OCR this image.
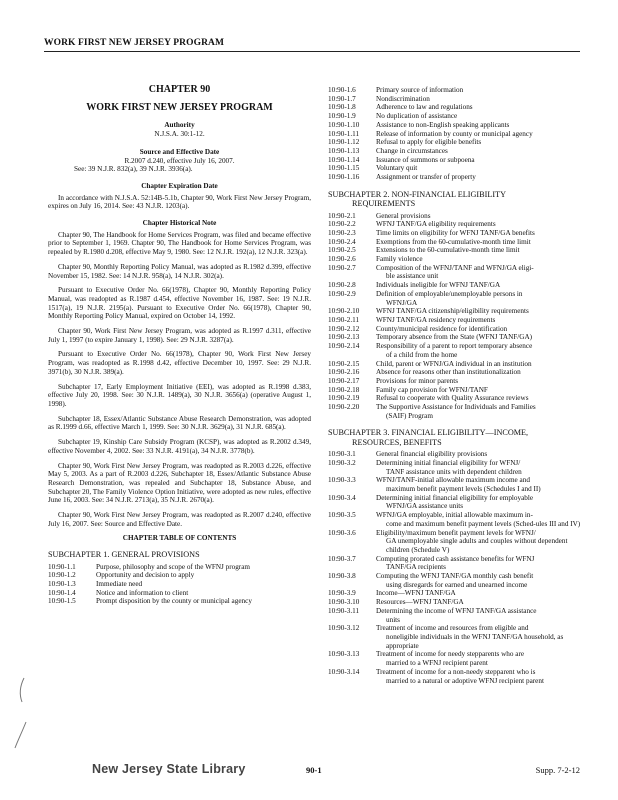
WORK FIRST NEW JERSEY PROGRAM
CHAPTER 90
WORK FIRST NEW JERSEY PROGRAM
Authority
N.J.S.A. 30:1-12.
Source and Effective Date
R.2007 d.240, effective July 16, 2007.
See: 39 N.J.R. 832(a), 39 N.J.R. 3936(a).
Chapter Expiration Date
In accordance with N.J.S.A. 52:14B-5.1b, Chapter 90, Work First New Jersey Program, expires on July 16, 2014. See: 43 N.J.R. 1203(a).
Chapter Historical Note

Chapter 90, The Handbook for Home Services Program, was filed and became effective prior to September 1, 1969. Chapter 90, The Handbook for Home Services Program, was repealed by R.1980 d.208, effective May 9, 1980. See: 12 N.J.R. 192(a), 12 N.J.R. 323(a).

Chapter 90, Monthly Reporting Policy Manual, was adopted as R.1982 d.399, effective November 15, 1982. See: 14 N.J.R. 958(a), 14 N.J.R. 302(a).

Pursuant to Executive Order No. 66(1978), Chapter 90, Monthly Reporting Policy Manual, was readopted as R.1987 d.454, effective November 16, 1987. See: 19 N.J.R. 1517(a), 19 N.J.R. 2195(a). Pursuant to Executive Order No. 66(1978), Chapter 90, Monthly Reporting Policy Manual, expired on October 14, 1992.

Chapter 90, Work First New Jersey Program, was adopted as R.1997 d.311, effective July 1, 1997 (to expire January 1, 1998). See: 29 N.J.R. 3287(a).

Pursuant to Executive Order No. 66(1978), Chapter 90, Work First New Jersey Program, was readopted as R.1998 d.42, effective December 10, 1997. See: 29 N.J.R. 3971(b), 30 N.J.R. 389(a).

Subchapter 17, Early Employment Initiative (EEI), was adopted as R.1998 d.383, effective July 20, 1998. See: 30 N.J.R. 1489(a), 30 N.J.R. 3656(a) (operative August 1, 1998).

Subchapter 18, Essex/Atlantic Substance Abuse Research Demonstration, was adopted as R.1999 d.66, effective March 1, 1999. See: 30 N.J.R. 3629(a), 31 N.J.R. 685(a).

Subchapter 19, Kinship Care Subsidy Program (KCSP), was adopted as R.2002 d.349, effective November 4, 2002. See: 33 N.J.R. 4191(a), 34 N.J.R. 3778(b).

Chapter 90, Work First New Jersey Program, was readopted as R.2003 d.226, effective May 5, 2003. As a part of R.2003 d.226, Subchapter 18, Essex/Atlantic Substance Abuse Research Demonstration, was repealed and Subchapter 18, Substance Abuse, and Subchapter 20, The Family Violence Option Initiative, were adopted as new rules, effective June 16, 2003. See: 34 N.J.R. 2713(a), 35 N.J.R. 2670(a).

Chapter 90, Work First New Jersey Program, was readopted as R.2007 d.240, effective July 16, 2007. See: Source and Effective Date.

CHAPTER TABLE OF CONTENTS
SUBCHAPTER 1. GENERAL PROVISIONS
10:90-1.1	Purpose, philosophy and scope of the WFNJ program
10:90-1.2	Opportunity and decision to apply
10:90-1.3	Immediate need
10:90-1.4	Notice and information to client
10:90-1.5	Prompt disposition by the county or municipal agency
10:90-1.6	Primary source of information
10:90-1.7	Nondiscrimination
10:90-1.8	Adherence to law and regulations
10:90-1.9	No duplication of assistance
10:90-1.10	Assistance to non-English speaking applicants
10:90-1.11	Release of information by county or municipal agency
10:90-1.12	Refusal to apply for eligible benefits
10:90-1.13	Change in circumstances
10:90-1.14	Issuance of summons or subpoena
10:90-1.15	Voluntary quit
10:90-1.16	Assignment or transfer of property
SUBCHAPTER 2. NON-FINANCIAL ELIGIBILITY
REQUIREMENTS
10:90-2.1	General provisions
10:90-2.2	WFNJ TANF/GA eligibility requirements
10:90-2.3	Time limits on eligibility for WFNJ TANF/GA benefits
10:90-2.4	Exemptions from the 60-cumulative-month time limit
10:90-2.5	Extensions to the 60-cumulative-month time limit
10:90-2.6	Family violence
10:90-2.7	Composition of the WFNJ/TANF and WFNJ/GA eligi-
ble assistance unit
10:90-2.8	Individuals ineligible for WFNJ TANF/GA
10:90-2.9	Definition of employable/unemployable persons in
WFNJ/GA
10:90-2.10	WFNJ TANF/GA citizenship/eligibility requirements
10:90-2.11	WFNJ TANF/GA residency requirements
10:90-2.12	County/municipal residence for identification
10:90-2.13	Temporary absence from the State (WFNJ TANF/GA)
10:90-2.14	Responsibility of a parent to report temporary absence
of a child from the home
10:90-2.15	Child, parent or WFNJ/GA individual in an institution
10:90-2.16	Absence for reasons other than institutionalization
10:90-2.17	Provisions for minor parents
10:90-2.18	Family cap provision for WFNJ/TANF
10:90-2.19	Refusal to cooperate with Quality Assurance reviews
10:90-2.20	The Supportive Assistance for Individuals and Families
(SAIF) Program
SUBCHAPTER 3. FINANCIAL ELIGIBILITY—INCOME,
RESOURCES, BENEFITS
10:90-3.1	General financial eligibility provisions
10:90-3.2	Determining initial financial eligibility for WFNJ/
TANF assistance units with dependent children
10:90-3.3	WFNJ/TANF-initial allowable maximum income and
maximum benefit payment levels (Schedules I and II)
10:90-3.4	Determining initial financial eligibility for employable
WFNJ/GA assistance units
10:90-3.5	WFNJ/GA employable, initial allowable maximum in-
come and maximum benefit payment levels (Sched-ules III and IV)
10:90-3.6	Eligibility/maximum benefit payment levels for WFNJ/
GA unemployable single adults and couples without dependent children (Schedule V)
10:90-3.7	Computing prorated cash assistance benefits for WFNJ
TANF/GA recipients
10:90-3.8	Computing the WFNJ TANF/GA monthly cash benefit
using disregards for earned and unearned income
10:90-3.9	Income—WFNJ TANF/GA
10:90-3.10	Resources—WFNJ TANF/GA
10:90-3.11	Determining the income of WFNJ TANF/GA assistance
units
10:90-3.12	Treatment of income and resources from eligible and
noneligible individuals in the WFNJ TANF/GA household, as appropriate
10:90-3.13	Treatment of income for needy stepparents who are
married to a WFNJ recipient parent
10:90-3.14	Treatment of income for a non-needy stepparent who is
married to a natural or adoptive WFNJ recipient parent
New Jersey State Library	90-1	Supp. 7-2-12
